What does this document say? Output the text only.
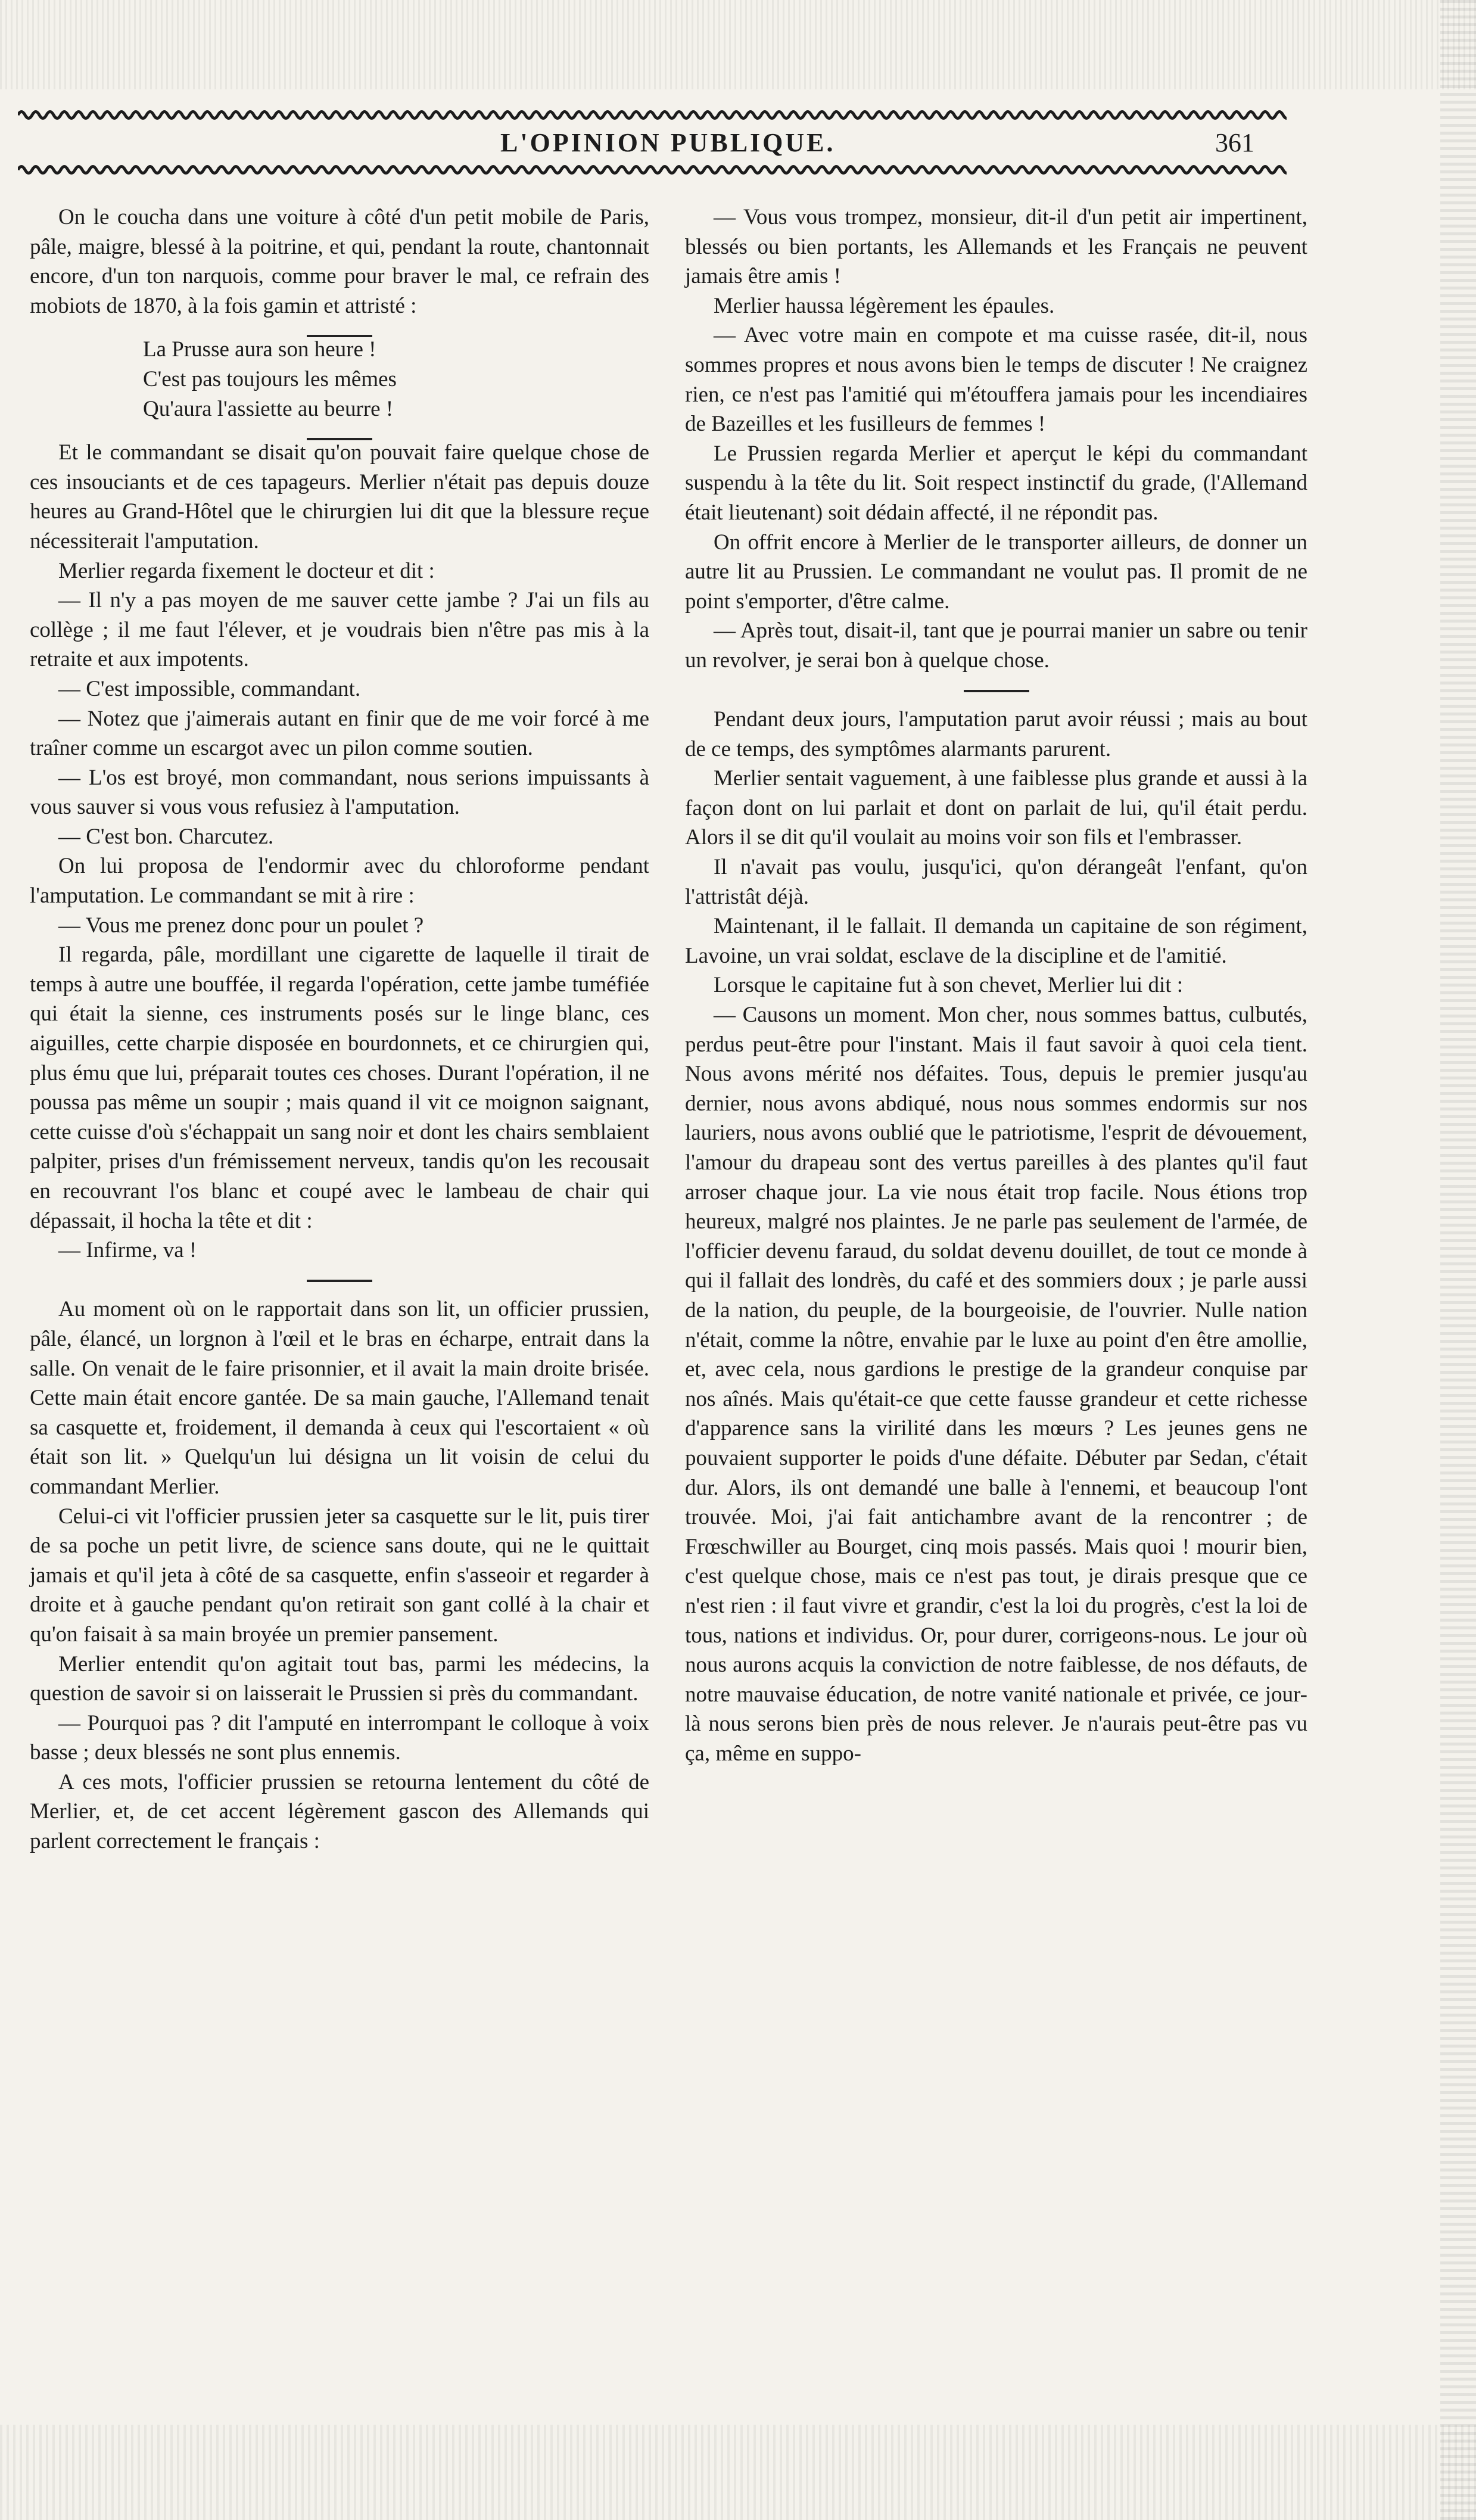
L'OPINION PUBLIQUE.	361

On le coucha dans une voiture à côté d'un petit mobile de Paris, pâle, maigre, blessé à la poitrine, et qui, pendant la route, chantonnait encore, d'un ton narquois, comme pour braver le mal, ce refrain des mobiots de 1870, à la fois gamin et attristé :

La Prusse aura son heure !

C'est pas toujours les mêmes

Qu'aura l'assiette au beurre !

Et le commandant se disait qu'on pouvait faire quelque chose de ces insouciants et de ces tapageurs. Merlier n'était pas depuis douze heures au Grand-Hôtel que le chirurgien lui dit que la blessure reçue nécessiterait l'amputation.

Merlier regarda fixement le docteur et dit :

— Il n'y a pas moyen de me sauver cette jambe ? J'ai un fils au collège ; il me faut l'élever, et je voudrais bien n'être pas mis à la retraite et aux impotents.

— C'est impossible, commandant.

— Notez que j'aimerais autant en finir que de me voir forcé à me traîner comme un escargot avec un pilon comme soutien.

— L'os est broyé, mon commandant, nous serions impuissants à vous sauver si vous vous refusiez à l'amputation.

— C'est bon. Charcutez.

On lui proposa de l'endormir avec du chloroforme pendant l'amputation. Le commandant se mit à rire :

— Vous me prenez donc pour un poulet ?

Il regarda, pâle, mordillant une cigarette de laquelle il tirait de temps à autre une bouffée, il regarda l'opération, cette jambe tuméfiée qui était la sienne, ces instruments posés sur le linge blanc, ces aiguilles, cette charpie disposée en bourdonnets, et ce chirurgien qui, plus ému que lui, préparait toutes ces choses. Durant l'opération, il ne poussa pas même un soupir ; mais quand il vit ce moignon saignant, cette cuisse d'où s'échappait un sang noir et dont les chairs semblaient palpiter, prises d'un frémissement nerveux, tandis qu'on les recousait en recouvrant l'os blanc et coupé avec le lambeau de chair qui dépassait, il hocha la tête et dit :

— Infirme, va !

Au moment où on le rapportait dans son lit, un officier prussien, pâle, élancé, un lorgnon à l'œil et le bras en écharpe, entrait dans la salle. On venait de le faire prisonnier, et il avait la main droite brisée. Cette main était encore gantée. De sa main gauche, l'Allemand tenait sa casquette et, froidement, il demanda à ceux qui l'escortaient « où était son lit. » Quelqu'un lui désigna un lit voisin de celui du commandant Merlier.

Celui-ci vit l'officier prussien jeter sa casquette sur le lit, puis tirer de sa poche un petit livre, de science sans doute, qui ne le quittait jamais et qu'il jeta à côté de sa casquette, enfin s'asseoir et regarder à droite et à gauche pendant qu'on retirait son gant collé à la chair et qu'on faisait à sa main broyée un premier pansement.

Merlier entendit qu'on agitait tout bas, parmi les médecins, la question de savoir si on laisserait le Prussien si près du commandant.

— Pourquoi pas ? dit l'amputé en interrompant le colloque à voix basse ; deux blessés ne sont plus ennemis.

A ces mots, l'officier prussien se retourna lentement du côté de Merlier, et, de cet accent légèrement gascon des Allemands qui parlent correctement le français :

— Vous vous trompez, monsieur, dit-il d'un petit air impertinent, blessés ou bien portants, les Allemands et les Français ne peuvent jamais être amis !

Merlier haussa légèrement les épaules.

— Avec votre main en compote et ma cuisse rasée, dit-il, nous sommes propres et nous avons bien le temps de discuter ! Ne craignez rien, ce n'est pas l'amitié qui m'étouffera jamais pour les incendiaires de Bazeilles et les fusilleurs de femmes !

Le Prussien regarda Merlier et aperçut le képi du commandant suspendu à la tête du lit. Soit respect instinctif du grade, (l'Allemand était lieutenant) soit dédain affecté, il ne répondit pas.

On offrit encore à Merlier de le transporter ailleurs, de donner un autre lit au Prussien. Le commandant ne voulut pas. Il promit de ne point s'emporter, d'être calme.

— Après tout, disait-il, tant que je pourrai manier un sabre ou tenir un revolver, je serai bon à quelque chose.

Pendant deux jours, l'amputation parut avoir réussi ; mais au bout de ce temps, des symptômes alarmants parurent.

Merlier sentait vaguement, à une faiblesse plus grande et aussi à la façon dont on lui parlait et dont on parlait de lui, qu'il était perdu. Alors il se dit qu'il voulait au moins voir son fils et l'embrasser.

Il n'avait pas voulu, jusqu'ici, qu'on dérangeât l'enfant, qu'on l'attristât déjà.

Maintenant, il le fallait. Il demanda un capitaine de son régiment, Lavoine, un vrai soldat, esclave de la discipline et de l'amitié.

Lorsque le capitaine fut à son chevet, Merlier lui dit :

— Causons un moment. Mon cher, nous sommes battus, culbutés, perdus peut-être pour l'instant. Mais il faut savoir à quoi cela tient. Nous avons mérité nos défaites. Tous, depuis le premier jusqu'au dernier, nous avons abdiqué, nous nous sommes endormis sur nos lauriers, nous avons oublié que le patriotisme, l'esprit de dévouement, l'amour du drapeau sont des vertus pareilles à des plantes qu'il faut arroser chaque jour. La vie nous était trop facile. Nous étions trop heureux, malgré nos plaintes. Je ne parle pas seulement de l'armée, de l'officier devenu faraud, du soldat devenu douillet, de tout ce monde à qui il fallait des londrès, du café et des sommiers doux ; je parle aussi de la nation, du peuple, de la bourgeoisie, de l'ouvrier. Nulle nation n'était, comme la nôtre, envahie par le luxe au point d'en être amollie, et, avec cela, nous gardions le prestige de la grandeur conquise par nos aînés. Mais qu'était-ce que cette fausse grandeur et cette richesse d'apparence sans la virilité dans les mœurs ? Les jeunes gens ne pouvaient supporter le poids d'une défaite. Débuter par Sedan, c'était dur. Alors, ils ont demandé une balle à l'ennemi, et beaucoup l'ont trouvée. Moi, j'ai fait antichambre avant de la rencontrer ; de Frœschwiller au Bourget, cinq mois passés. Mais quoi ! mourir bien, c'est quelque chose, mais ce n'est pas tout, je dirais presque que ce n'est rien : il faut vivre et grandir, c'est la loi du progrès, c'est la loi de tous, nations et individus. Or, pour durer, corrigeons-nous. Le jour où nous aurons acquis la conviction de notre faiblesse, de nos défauts, de notre mauvaise éducation, de notre vanité nationale et privée, ce jour-là nous serons bien près de nous relever. Je n'aurais peut-être pas vu ça, même en suppo-
